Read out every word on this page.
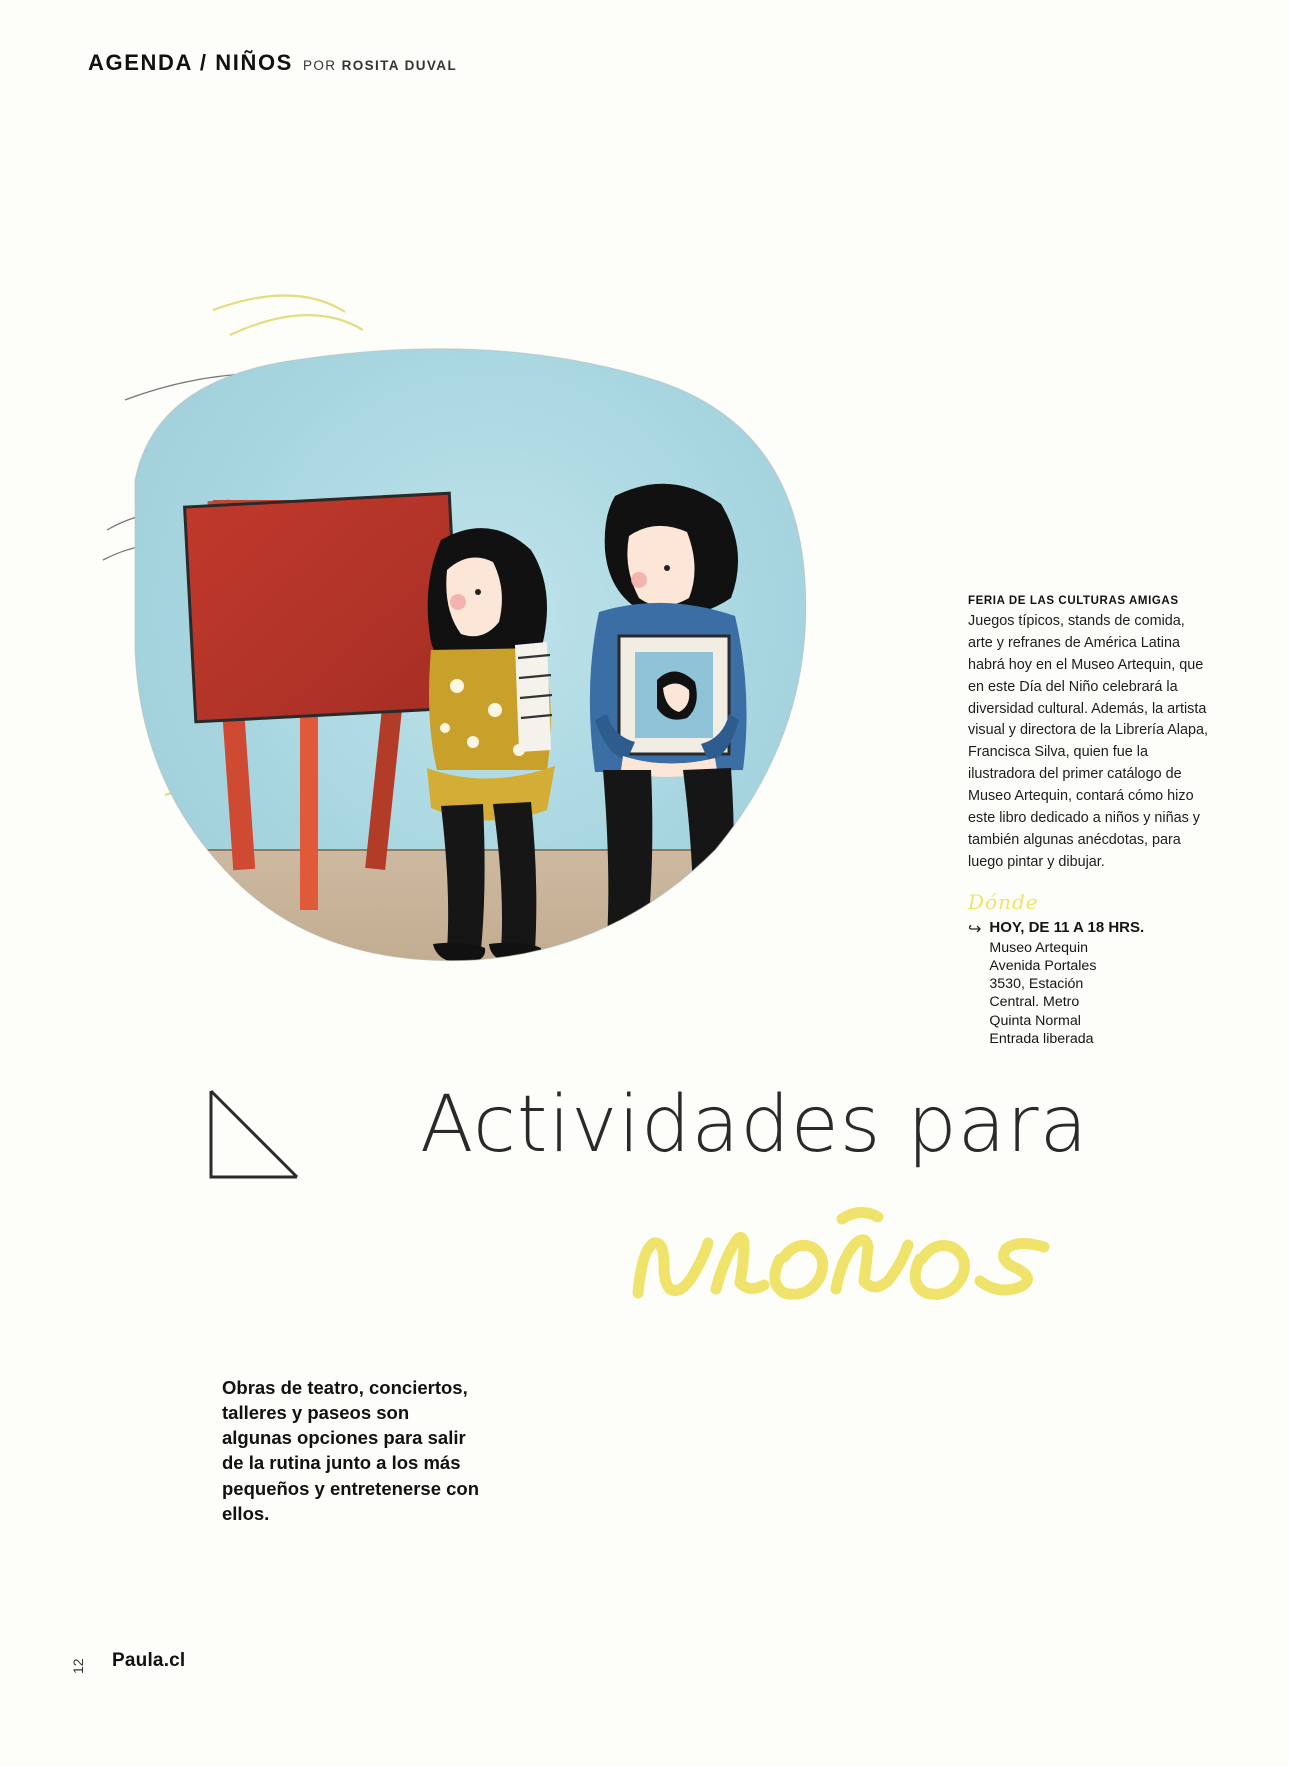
AGENDA / NIÑOS POR ROSITA DUVAL
FERIA DE LAS CULTURAS AMIGAS
Juegos típicos, stands de comida, arte y refranes de América Latina habrá hoy en el Museo Artequin, que en este Día del Niño celebrará la diversidad cultural. Además, la artista visual y directora de la Librería Alapa, Francisca Silva, quien fue la ilustradora del primer catálogo de Museo Artequin, contará cómo hizo este libro dedicado a niños y niñas y también algunas anécdotas, para luego pintar y dibujar.
Dónde
↪ HOY, DE 11 A 18 HRS.
Museo Artequin Avenida Portales 3530, Estación Central. Metro Quinta Normal Entrada liberada
Actividades para
Obras de teatro, conciertos, talleres y paseos son algunas opciones para salir de la rutina junto a los más pequeños y entretenerse con ellos.
12 Paula.cl
